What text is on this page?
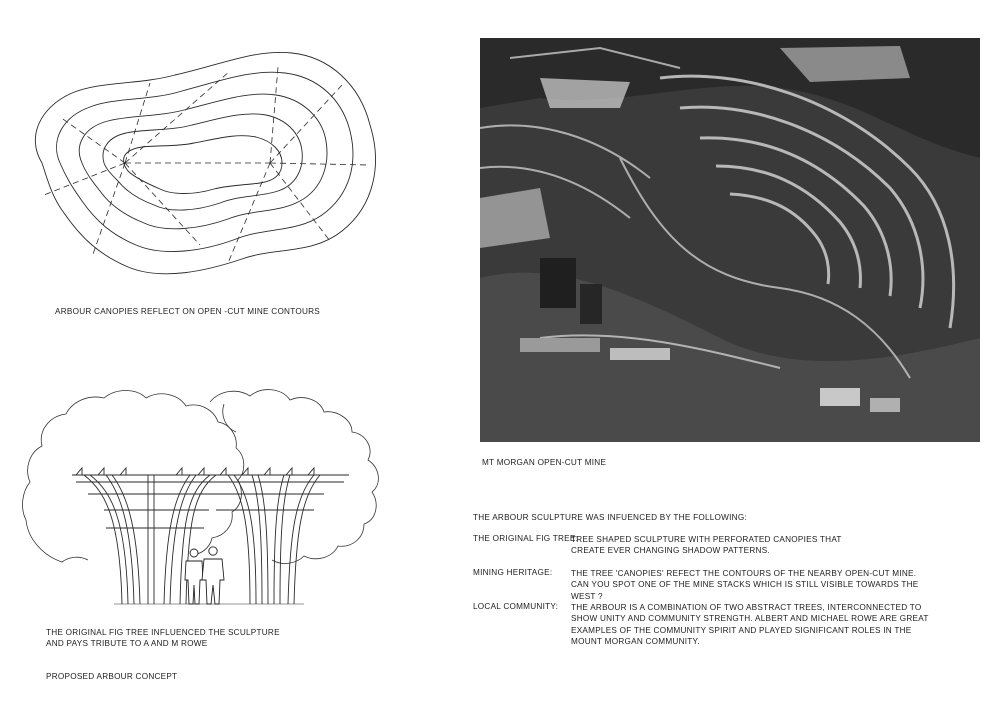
ARBOUR CANOPIES REFLECT ON OPEN -CUT MINE CONTOURS
THE ORIGINAL FIG TREE INFLUENCED THE SCULPTURE AND PAYS TRIBUTE TO A AND M ROWE
PROPOSED ARBOUR CONCEPT
MT MORGAN OPEN-CUT MINE
THE ARBOUR SCULPTURE WAS INFUENCED BY THE FOLLOWING:
THE ORIGINAL FIG TREE:
TREE SHAPED SCULPTURE WITH PERFORATED CANOPIES THAT CREATE EVER CHANGING SHADOW PATTERNS.
MINING HERITAGE: THE TREE 'CANOPIES' REFECT THE CONTOURS OF THE NEARBY OPEN-CUT MINE. CAN YOU SPOT ONE OF THE MINE STACKS WHICH IS STILL VISIBLE TOWARDS THE WEST ?
LOCAL COMMUNITY: THE ARBOUR IS A COMBINATION OF TWO ABSTRACT TREES, INTERCONNECTED TO SHOW UNITY AND COMMUNITY STRENGTH. ALBERT AND MICHAEL ROWE ARE GREAT EXAMPLES OF THE COMMUNITY SPIRIT AND PLAYED SIGNIFICANT ROLES IN THE MOUNT MORGAN COMMUNITY.
